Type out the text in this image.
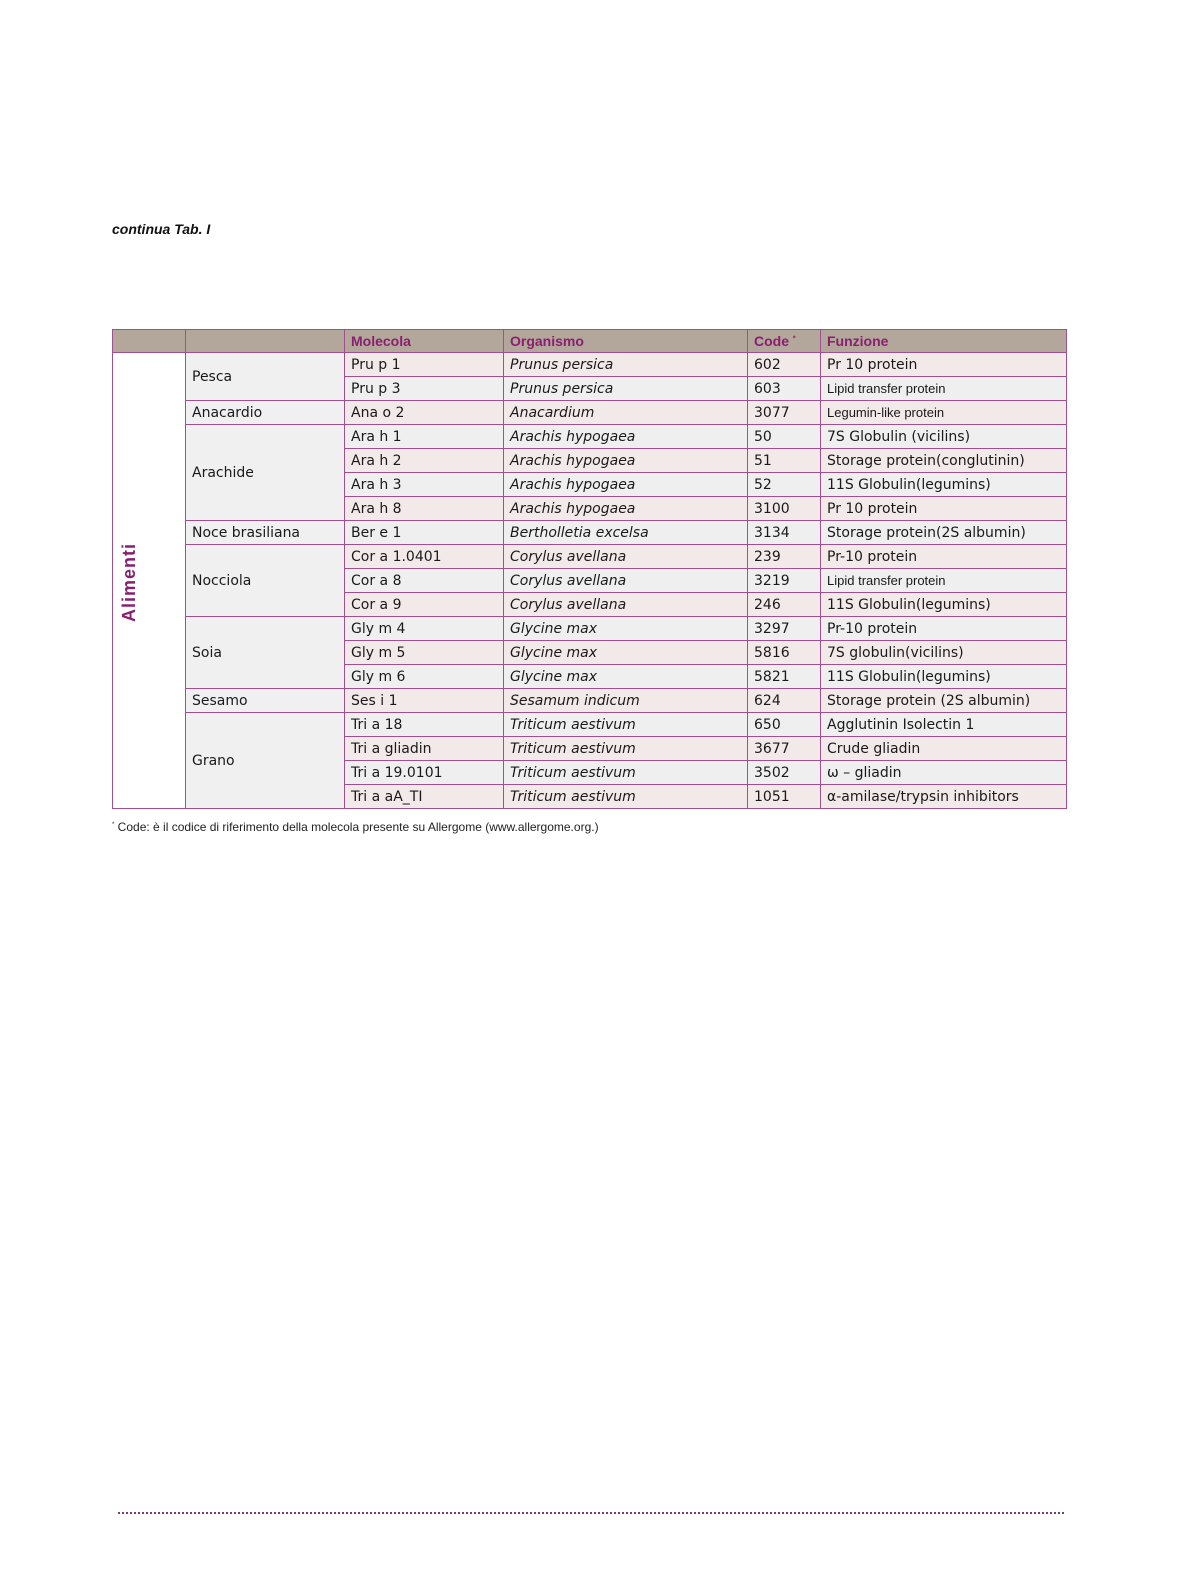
continua Tab. I
		Molecola	Organismo	Code *	Funzione
Alimenti	Pesca	Pru p 1	Prunus persica	602	Pr 10 protein
		Pru p 3	Prunus persica	603	Lipid transfer protein
	Anacardio	Ana o 2	Anacardium	3077	Legumin-like protein
	Arachide	Ara h 1	Arachis hypogaea	50	7S Globulin (vicilins)
		Ara h 2	Arachis hypogaea	51	Storage protein(conglutinin)
		Ara h 3	Arachis hypogaea	52	11S Globulin(legumins)
		Ara h 8	Arachis hypogaea	3100	Pr 10 protein
	Noce brasiliana	Ber e 1	Bertholletia excelsa	3134	Storage protein(2S albumin)
	Nocciola	Cor a 1.0401	Corylus avellana	239	Pr-10 protein
		Cor a 8	Corylus avellana	3219	Lipid transfer protein
		Cor a 9	Corylus avellana	246	11S Globulin(legumins)
	Soia	Gly m 4	Glycine max	3297	Pr-10 protein
		Gly m 5	Glycine max	5816	7S globulin(vicilins)
		Gly m 6	Glycine max	5821	11S Globulin(legumins)
	Sesamo	Ses i 1	Sesamum indicum	624	Storage protein (2S albumin)
	Grano	Tri a 18	Triticum aestivum	650	Agglutinin Isolectin 1
		Tri a gliadin	Triticum aestivum	3677	Crude gliadin
		Tri a 19.0101	Triticum aestivum	3502	ω – gliadin
		Tri a aA_TI	Triticum aestivum	1051	α-amilase/trypsin inhibitors
* Code: è il codice di riferimento della molecola presente su Allergome (www.allergome.org.)
